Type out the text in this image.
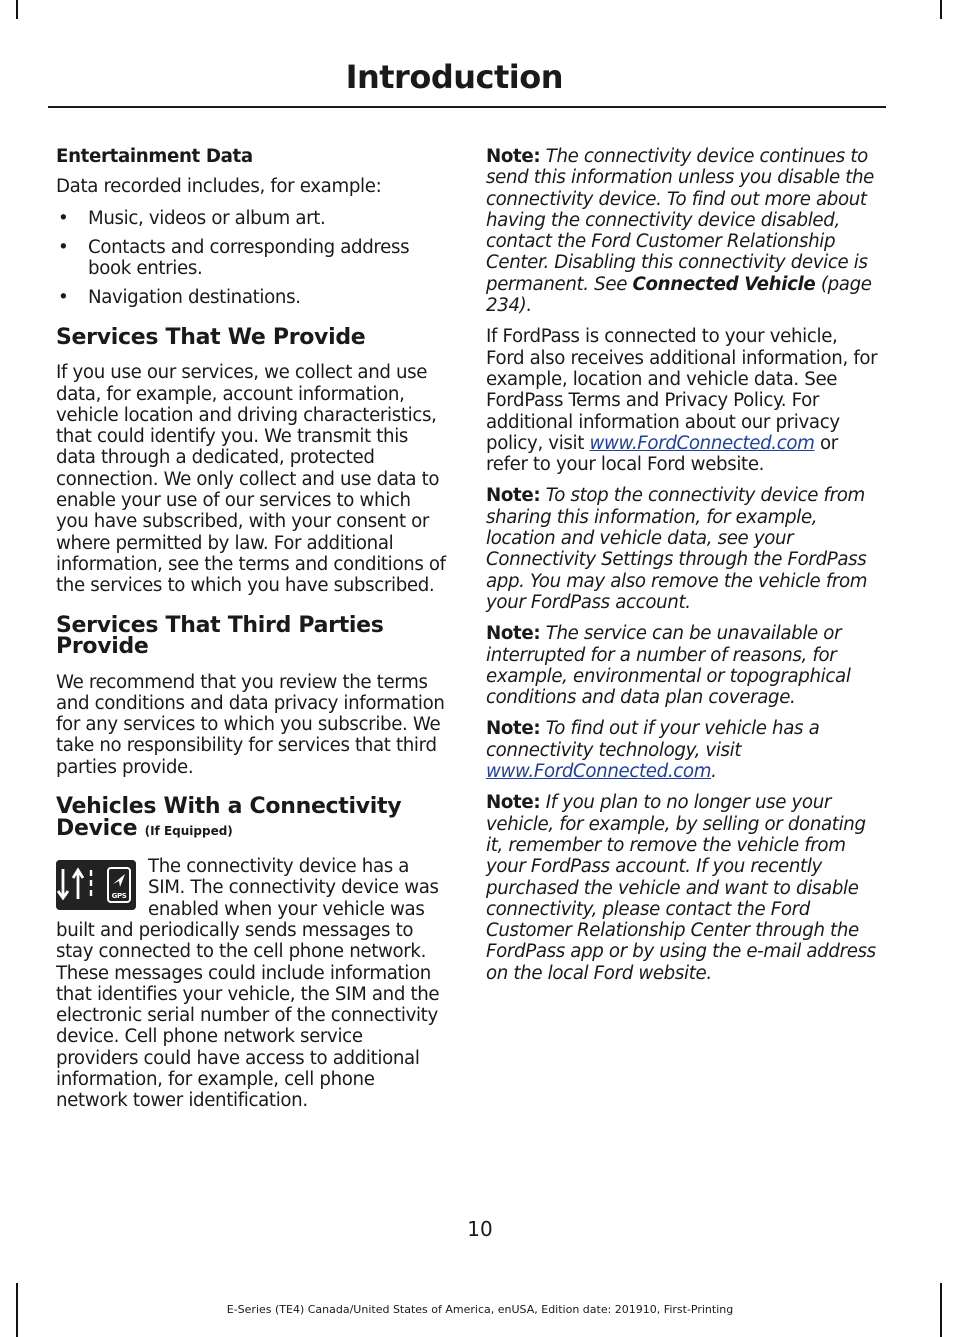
Introduction

Entertainment Data

Data recorded includes, for example:

• Music, videos or album art.
• Contacts and corresponding address book entries.
• Navigation destinations.
Services That We Provide

If you use our services, we collect and use data, for example, account information, vehicle location and driving characteristics, that could identify you. We transmit this data through a dedicated, protected connection. We only collect and use data to enable your use of our services to which you have subscribed, with your consent or where permitted by law. For additional information, see the terms and conditions of the services to which you have subscribed.

Services That Third Parties Provide

We recommend that you review the terms and conditions and data privacy information for any services to which you subscribe. We take no responsibility for services that third parties provide.

Vehicles With a Connectivity Device (If Equipped)
GPS

The connectivity device has a SIM. The connectivity device was enabled when your vehicle was built and periodically sends messages to stay connected to the cell phone network. These messages could include information that identifies your vehicle, the SIM and the electronic serial number of the connectivity device. Cell phone network service providers could have access to additional information, for example, cell phone network tower identification.

Note: The connectivity device continues to send this information unless you disable the connectivity device. To find out more about having the connectivity device disabled, contact the Ford Customer Relationship Center. Disabling this connectivity device is permanent. See Connected Vehicle (page 234).

If FordPass is connected to your vehicle, Ford also receives additional information, for example, location and vehicle data. See FordPass Terms and Privacy Policy. For additional information about our privacy policy, visit www.FordConnected.com or refer to your local Ford website.

Note: To stop the connectivity device from sharing this information, for example, location and vehicle data, see your Connectivity Settings through the FordPass app. You may also remove the vehicle from your FordPass account.

Note: The service can be unavailable or interrupted for a number of reasons, for example, environmental or topographical conditions and data plan coverage.

Note: To find out if your vehicle has a connectivity technology, visit www.FordConnected.com.

Note: If you plan to no longer use your vehicle, for example, by selling or donating it, remember to remove the vehicle from your FordPass account. If you recently purchased the vehicle and want to disable connectivity, please contact the Ford Customer Relationship Center through the FordPass app or by using the e-mail address on the local Ford website.

10
E-Series (TE4) Canada/United States of America, enUSA, Edition date: 201910, First-Printing
